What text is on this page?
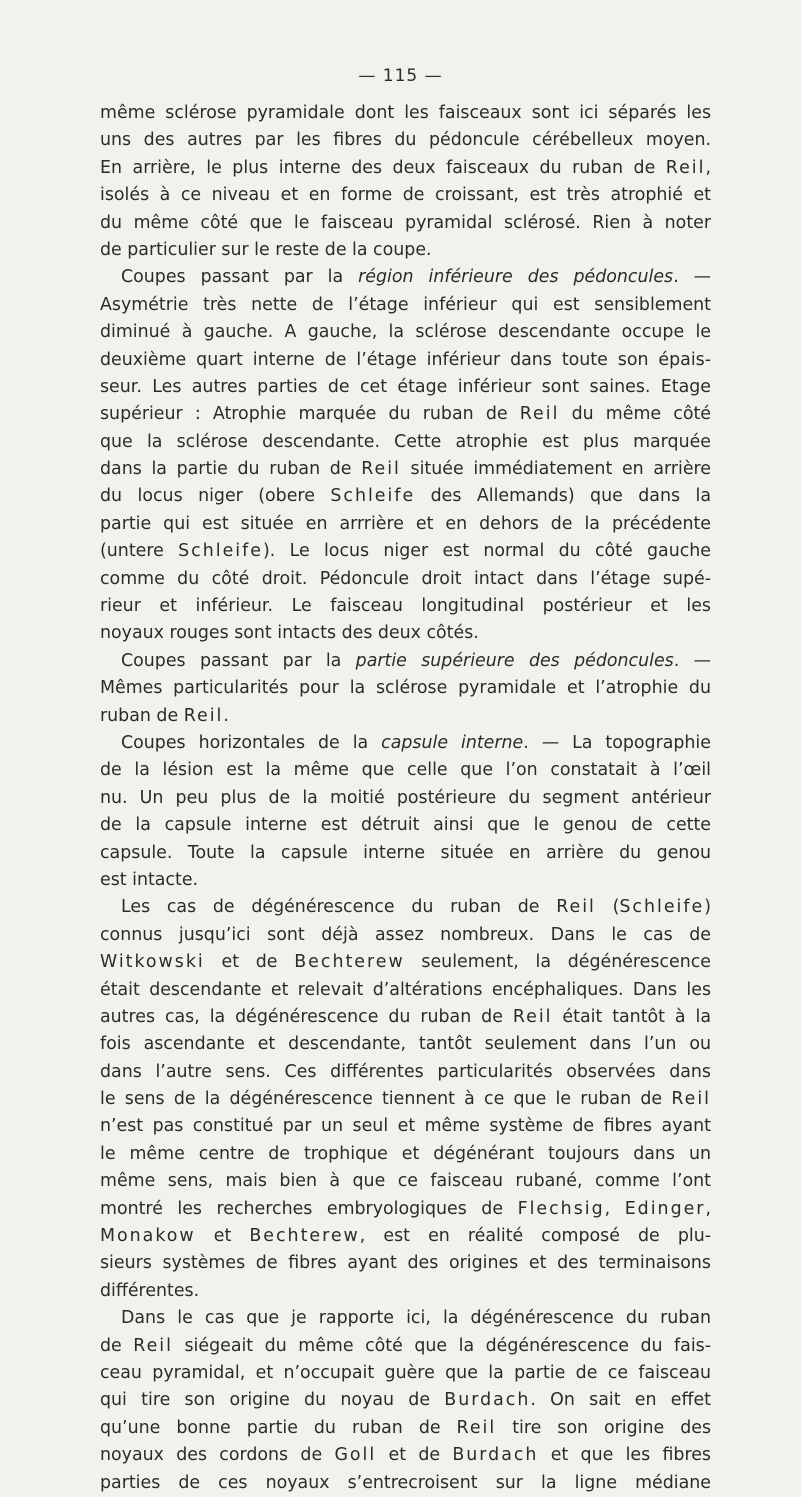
— 115 —
même sclérose pyramidale dont les faisceaux sont ici séparés les
uns des autres par les fibres du pédoncule cérébelleux moyen.
En arrière, le plus interne des deux faisceaux du ruban de Reil,
isolés à ce niveau et en forme de croissant, est très atrophié et
du même côté que le faisceau pyramidal sclérosé. Rien à noter
de particulier sur le reste de la coupe.
Coupes passant par la région inférieure des pédoncules. —
Asymétrie très nette de l’étage inférieur qui est sensiblement
diminué à gauche. A gauche, la sclérose descendante occupe le
deuxième quart interne de l’étage inférieur dans toute son épais-
seur. Les autres parties de cet étage inférieur sont saines. Etage
supérieur : Atrophie marquée du ruban de Reil du même côté
que la sclérose descendante. Cette atrophie est plus marquée
dans la partie du ruban de Reil située immédiatement en arrière
du locus niger (obere Schleife des Allemands) que dans la
partie qui est située en arrrière et en dehors de la précédente
(untere Schleife). Le locus niger est normal du côté gauche
comme du côté droit. Pédoncule droit intact dans l’étage supé-
rieur et inférieur. Le faisceau longitudinal postérieur et les
noyaux rouges sont intacts des deux côtés.
Coupes passant par la partie supérieure des pédoncules. —
Mêmes particularités pour la sclérose pyramidale et l’atrophie du
ruban de Reil.
Coupes horizontales de la capsule interne. — La topographie
de la lésion est la même que celle que l’on constatait à l’œil
nu. Un peu plus de la moitié postérieure du segment antérieur
de la capsule interne est détruit ainsi que le genou de cette
capsule. Toute la capsule interne située en arrière du genou
est intacte.
Les cas de dégénérescence du ruban de Reil (Schleife)
connus jusqu’ici sont déjà assez nombreux. Dans le cas de
Witkowski et de Bechterew seulement, la dégénérescence
était descendante et relevait d’altérations encéphaliques. Dans les
autres cas, la dégénérescence du ruban de Reil était tantôt à la
fois ascendante et descendante, tantôt seulement dans l’un ou
dans l’autre sens. Ces différentes particularités observées dans
le sens de la dégénérescence tiennent à ce que le ruban de Reil
n’est pas constitué par un seul et même système de fibres ayant
le même centre de trophique et dégénérant toujours dans un
même sens, mais bien à que ce faisceau rubané, comme l’ont
montré les recherches embryologiques de Flechsig, Edinger,
Monakow et Bechterew, est en réalité composé de plu-
sieurs systèmes de fibres ayant des origines et des terminaisons
différentes.
Dans le cas que je rapporte ici, la dégénérescence du ruban
de Reil siégeait du même côté que la dégénérescence du fais-
ceau pyramidal, et n’occupait guère que la partie de ce faisceau
qui tire son origine du noyau de Burdach. On sait en effet
qu’une bonne partie du ruban de Reil tire son origine des
noyaux des cordons de Goll et de Burdach et que les fibres
parties de ces noyaux s’entrecroisent sur la ligne médiane
